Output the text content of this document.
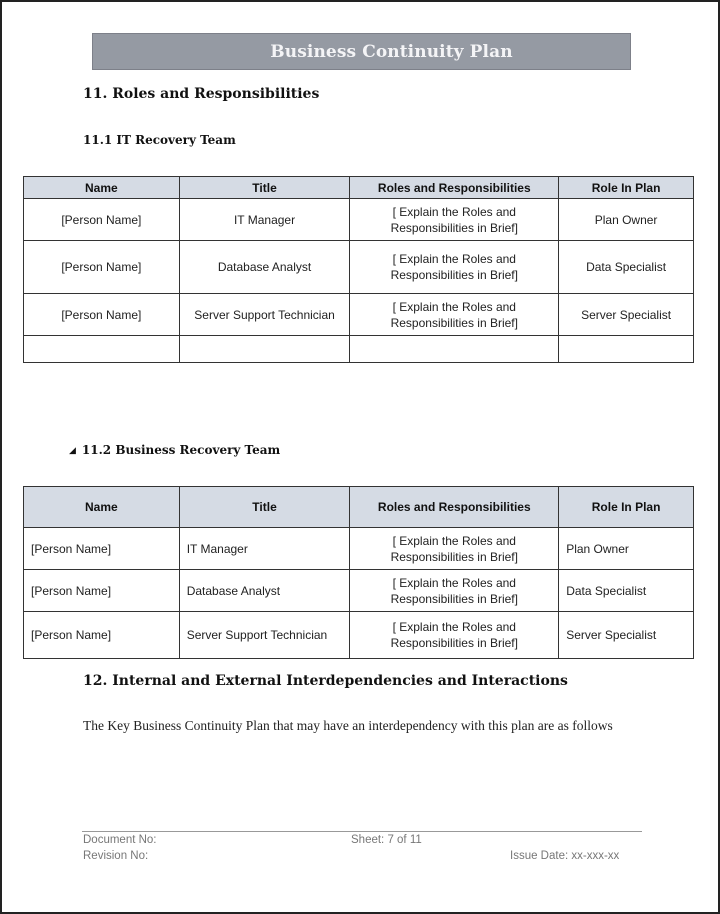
Business Continuity Plan
11. Roles and Responsibilities
11.1 IT Recovery Team
Name	Title	Roles and Responsibilities	Role In Plan
[Person Name]	IT Manager	[ Explain the Roles and Responsibilities in Brief]	Plan Owner
[Person Name]	Database Analyst	[ Explain the Roles and Responsibilities in Brief]	Data Specialist
[Person Name]	Server Support Technician	[ Explain the Roles and Responsibilities in Brief]	Server Specialist

◢ 11.2 Business Recovery Team
Name	Title	Roles and Responsibilities	Role In Plan
[Person Name]	IT Manager	[ Explain the Roles and Responsibilities in Brief]	Plan Owner
[Person Name]	Database Analyst	[ Explain the Roles and Responsibilities in Brief]	Data Specialist
[Person Name]	Server Support Technician	[ Explain the Roles and Responsibilities in Brief]	Server Specialist
12. Internal and External Interdependencies and Interactions
The Key Business Continuity Plan that may have an interdependency with this plan are as follows
Document No:
Revision No:
Sheet: 7 of 11
Issue Date: xx-xxx-xx
